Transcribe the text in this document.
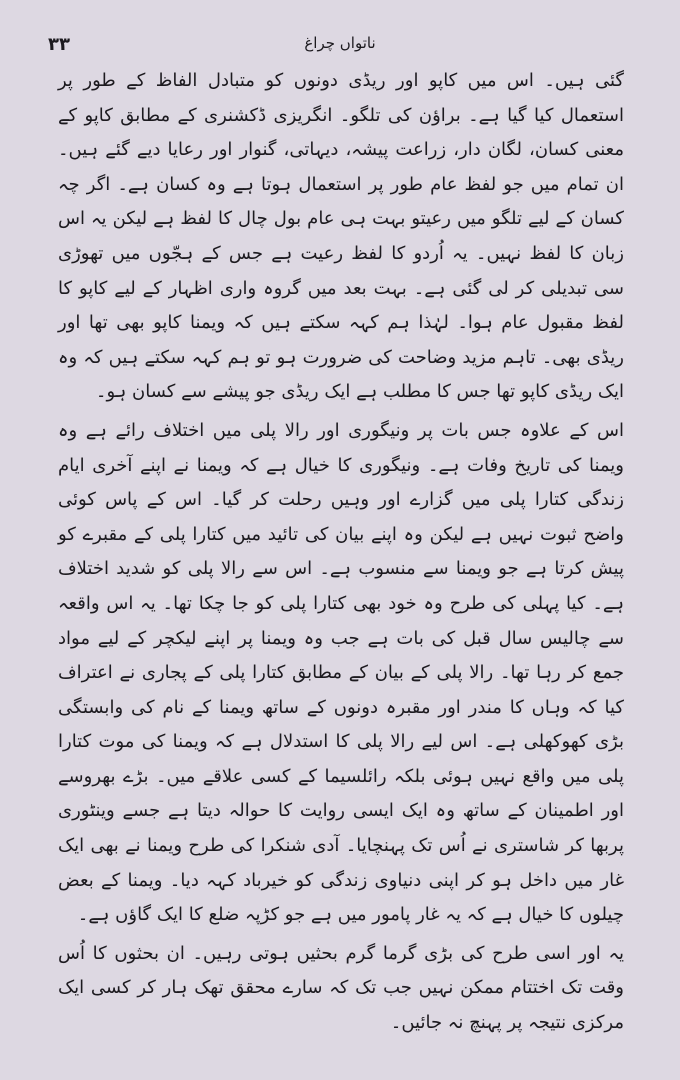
۳۳	ناتواں چراغ

گئی ہیں۔ اس میں کاپو اور ریڈی دونوں کو متبادل الفاظ کے طور پر استعمال کیا گیا ہے۔ براؤن کی تلگو۔ انگریزی ڈکشنری کے مطابق کاپو کے معنی کسان، لگان دار، زراعت پیشہ، دیہاتی، گنوار اور رعایا دیے گئے ہیں۔ ان تمام میں جو لفظ عام طور پر استعمال ہوتا ہے وہ کسان ہے۔ اگر چہ کسان کے لیے تلگو میں رعیتو بہت ہی عام بول چال کا لفظ ہے لیکن یہ اس زبان کا لفظ نہیں۔ یہ اُردو کا لفظ رعیت ہے جس کے ہجّوں میں تھوڑی سی تبدیلی کر لی گئی ہے۔ بہت بعد میں گروہ واری اظہار کے لیے کاپو کا لفظ مقبول عام ہوا۔ لہٰذا ہم کہہ سکتے ہیں کہ ویمنا کاپو بھی تھا اور ریڈی بھی۔ تاہم مزید وضاحت کی ضرورت ہو تو ہم کہہ سکتے ہیں کہ وہ ایک ریڈی کاپو تھا جس کا مطلب ہے ایک ریڈی جو پیشے سے کسان ہو۔

اس کے علاوہ جس بات پر ونیگوری اور رالا پلی میں اختلاف رائے ہے وہ ویمنا کی تاریخ وفات ہے۔ ونیگوری کا خیال ہے کہ ویمنا نے اپنے آخری ایام زندگی کتارا پلی میں گزارے اور وہیں رحلت کر گیا۔ اس کے پاس کوئی واضح ثبوت نہیں ہے لیکن وہ اپنے بیان کی تائید میں کتارا پلی کے مقبرے کو پیش کرتا ہے جو ویمنا سے منسوب ہے۔ اس سے رالا پلی کو شدید اختلاف ہے۔ کیا پہلی کی طرح وہ خود بھی کتارا پلی کو جا چکا تھا۔ یہ اس واقعہ سے چالیس سال قبل کی بات ہے جب وہ ویمنا پر اپنے لیکچر کے لیے مواد جمع کر رہا تھا۔ رالا پلی کے بیان کے مطابق کتارا پلی کے پجاری نے اعتراف کیا کہ وہاں کا مندر اور مقبرہ دونوں کے ساتھ ویمنا کے نام کی وابستگی بڑی کھوکھلی ہے۔ اس لیے رالا پلی کا استدلال ہے کہ ویمنا کی موت کتارا پلی میں واقع نہیں ہوئی بلکہ رائلسیما کے کسی علاقے میں۔ بڑے بھروسے اور اطمینان کے ساتھ وہ ایک ایسی روایت کا حوالہ دیتا ہے جسے وینٹوری پربھا کر شاستری نے اُس تک پہنچایا۔ آدی شنکرا کی طرح ویمنا نے بھی ایک غار میں داخل ہو کر اپنی دنیاوی زندگی کو خیرباد کہہ دیا۔ ویمنا کے بعض چیلوں کا خیال ہے کہ یہ غار پامور میں ہے جو کڑپہ ضلع کا ایک گاؤں ہے۔

یہ اور اسی طرح کی بڑی گرما گرم بحثیں ہوتی رہیں۔ ان بحثوں کا اُس وقت تک اختتام ممکن نہیں جب تک کہ سارے محقق تھک ہار کر کسی ایک مرکزی نتیجہ پر پہنچ نہ جائیں۔
